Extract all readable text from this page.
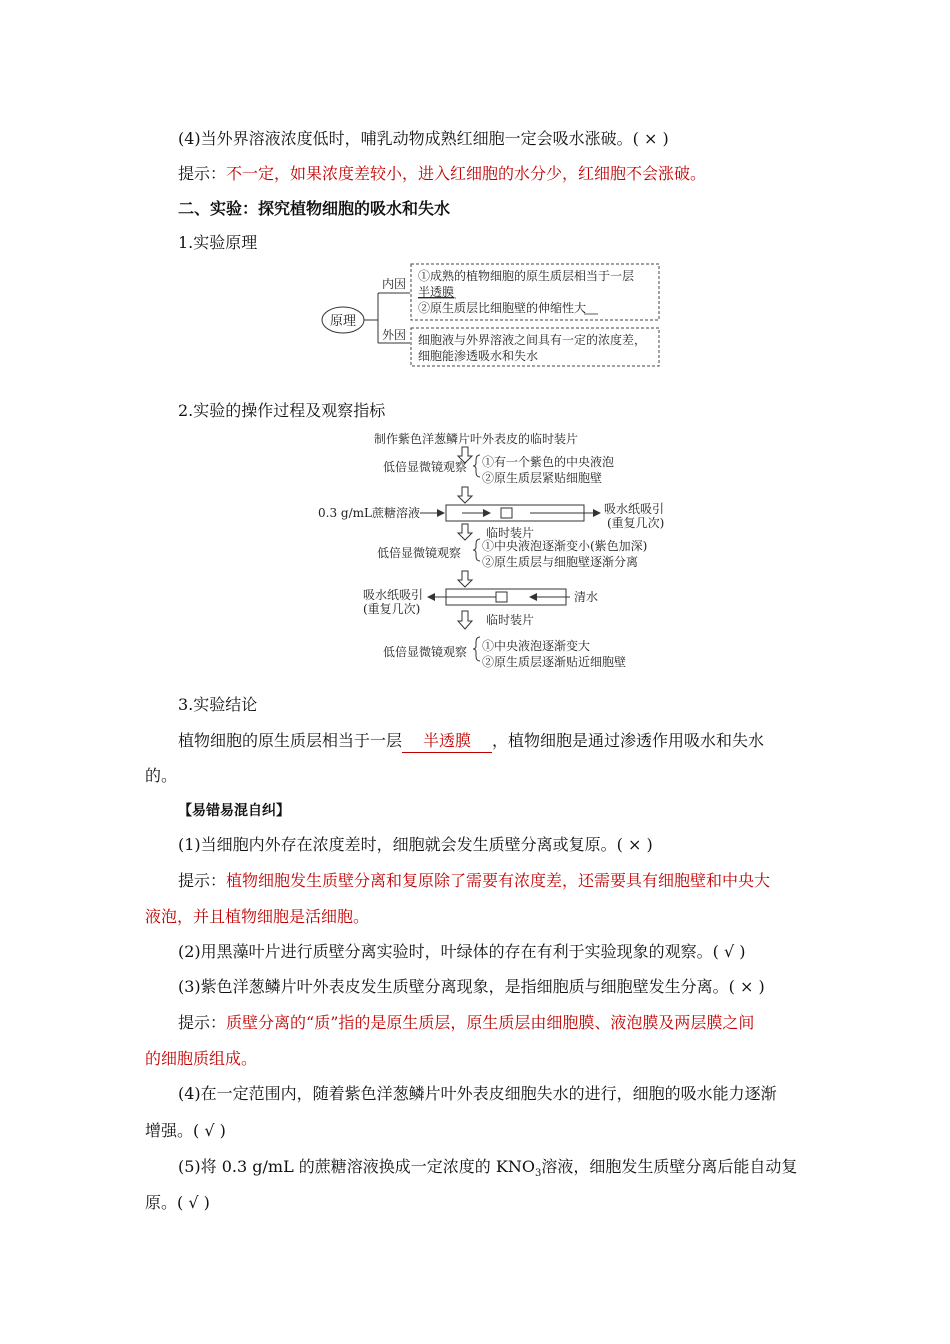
(4)当外界溶液浓度低时，哺乳动物成熟红细胞一定会吸水涨破。( × )
提示：不一定，如果浓度差较小，进入红细胞的水分少，红细胞不会涨破。
二、实验：探究植物细胞的吸水和失水
1.实验原理
原理
内因
外因
①成熟的植物细胞的原生质层相当于一层
半透膜
②原生质层比细胞壁的伸缩性大
细胞液与外界溶液之间具有一定的浓度差，
细胞能渗透吸水和失水
2.实验的操作过程及观察指标
制作紫色洋葱鳞片叶外表皮的临时装片
低倍显微镜观察 ①有一个紫色的中央液泡
②原生质层紧贴细胞壁
0.3 g/mL蔗糖溶液	吸水纸吸引
(重复几次)
临时装片
低倍显微镜观察 ①中央液泡逐渐变小(紫色加深)
②原生质层与细胞壁逐渐分离
吸水纸吸引
(重复几次)
清水
临时装片
低倍显微镜观察 ①中央液泡逐渐变大
②原生质层逐渐贴近细胞壁
3.实验结论
植物细胞的原生质层相当于一层 半透膜 ，植物细胞是通过渗透作用吸水和失水
的。
【易错易混自纠】
(1)当细胞内外存在浓度差时，细胞就会发生质壁分离或复原。( × )
提示：植物细胞发生质壁分离和复原除了需要有浓度差，还需要具有细胞壁和中央大
液泡，并且植物细胞是活细胞。
(2)用黑藻叶片进行质壁分离实验时，叶绿体的存在有利于实验现象的观察。( √ )
(3)紫色洋葱鳞片叶外表皮发生质壁分离现象，是指细胞质与细胞壁发生分离。( × )
提示：质壁分离的“质”指的是原生质层，原生质层由细胞膜、液泡膜及两层膜之间
的细胞质组成。
(4)在一定范围内，随着紫色洋葱鳞片叶外表皮细胞失水的进行，细胞的吸水能力逐渐
增强。( √ )
(5)将 0.3 g/mL 的蔗糖溶液换成一定浓度的 $KNO_3$溶液，细胞发生质壁分离后能自动复
原。( √ )
